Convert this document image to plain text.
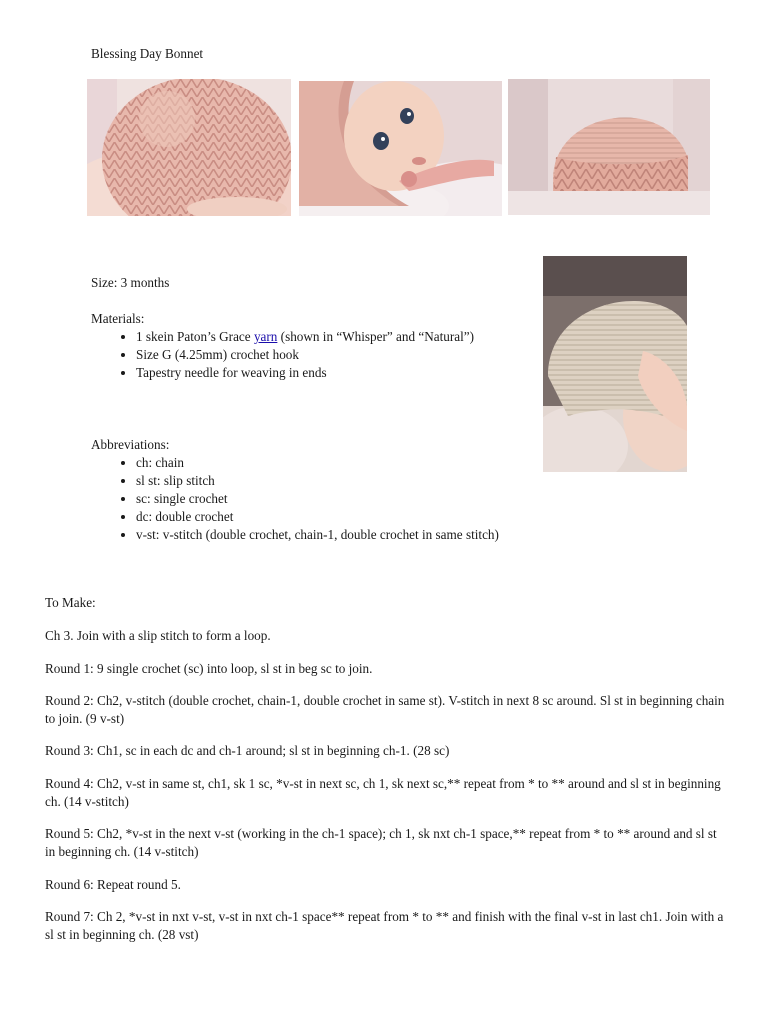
Blessing Day Bonnet
Size: 3 months
Materials:
• 1 skein Paton’s Grace yarn (shown in “Whisper” and “Natural”)
• Size G (4.25mm) crochet hook
• Tapestry needle for weaving in ends
Abbreviations:
• ch: chain
• sl st: slip stitch
• sc: single crochet
• dc: double crochet
• v-st: v-stitch (double crochet, chain-1, double crochet in same stitch)
To Make:
Ch 3. Join with a slip stitch to form a loop.
Round 1: 9 single crochet (sc) into loop, sl st in beg sc to join.
Round 2: Ch2, v-stitch (double crochet, chain-1, double crochet in same st). V-stitch in next 8 sc around. Sl st in beginning chain to join. (9 v-st)
Round 3: Ch1, sc in each dc and ch-1 around; sl st in beginning ch-1. (28 sc)
Round 4: Ch2, v-st in same st, ch1, sk 1 sc, *v-st in next sc, ch 1, sk next sc,** repeat from * to ** around and sl st in beginning ch. (14 v-stitch)
Round 5: Ch2, *v-st in the next v-st (working in the ch-1 space); ch 1, sk nxt ch-1 space,** repeat from * to ** around and sl st in beginning ch. (14 v-stitch)
Round 6: Repeat round 5.
Round 7: Ch 2, *v-st in nxt v-st, v-st in nxt ch-1 space** repeat from * to ** and finish with the final v-st in last ch1. Join with a sl st in beginning ch. (28 vst)
